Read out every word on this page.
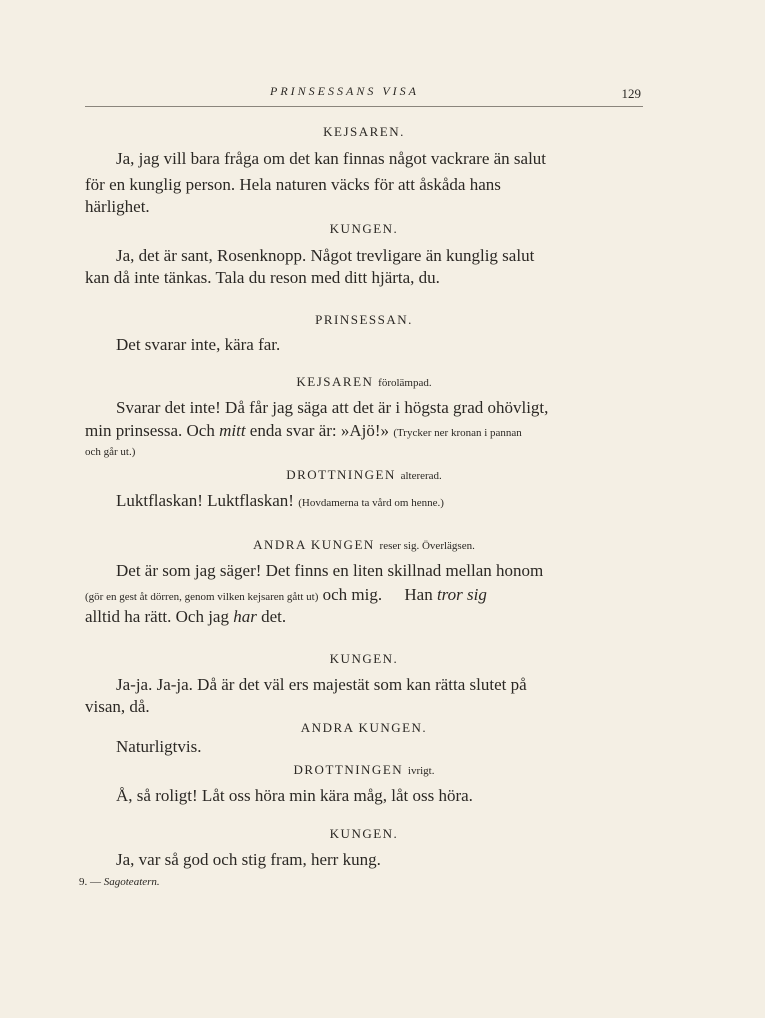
PRINSESSANS VISA	129
KEJSAREN.
Ja, jag vill bara fråga om det kan finnas något vackrare än salut
för en kunglig person. Hela naturen väcks för att åskåda hans
härlighet.
KUNGEN.
Ja, det är sant, Rosenknopp. Något trevligare än kunglig salut
kan då inte tänkas. Tala du reson med ditt hjärta, du.
PRINSESSAN.
Det svarar inte, kära far.
KEJSAREN förolämpad.
Svarar det inte! Då får jag säga att det är i högsta grad ohövligt,
min prinsessa. Och mitt enda svar är: »Ajö!» (Trycker ner kronan i pannan
och går ut.)
DROTTNINGEN altererad.
Luktflaskan! Luktflaskan! (Hovdamerna ta vård om henne.)
ANDRA KUNGEN reser sig. Överlägsen.
Det är som jag säger! Det finns en liten skillnad mellan honom
(gör en gest åt dörren, genom vilken kejsaren gått ut) och mig. Han tror sig
alltid ha rätt. Och jag har det.
KUNGEN.
Ja-ja. Ja-ja. Då är det väl ers majestät som kan rätta slutet på
visan, då.
ANDRA KUNGEN.
Naturligtvis.
DROTTNINGEN ivrigt.
Å, så roligt! Låt oss höra min kära måg, låt oss höra.
KUNGEN.
Ja, var så god och stig fram, herr kung.
9. — Sagoteatern.
